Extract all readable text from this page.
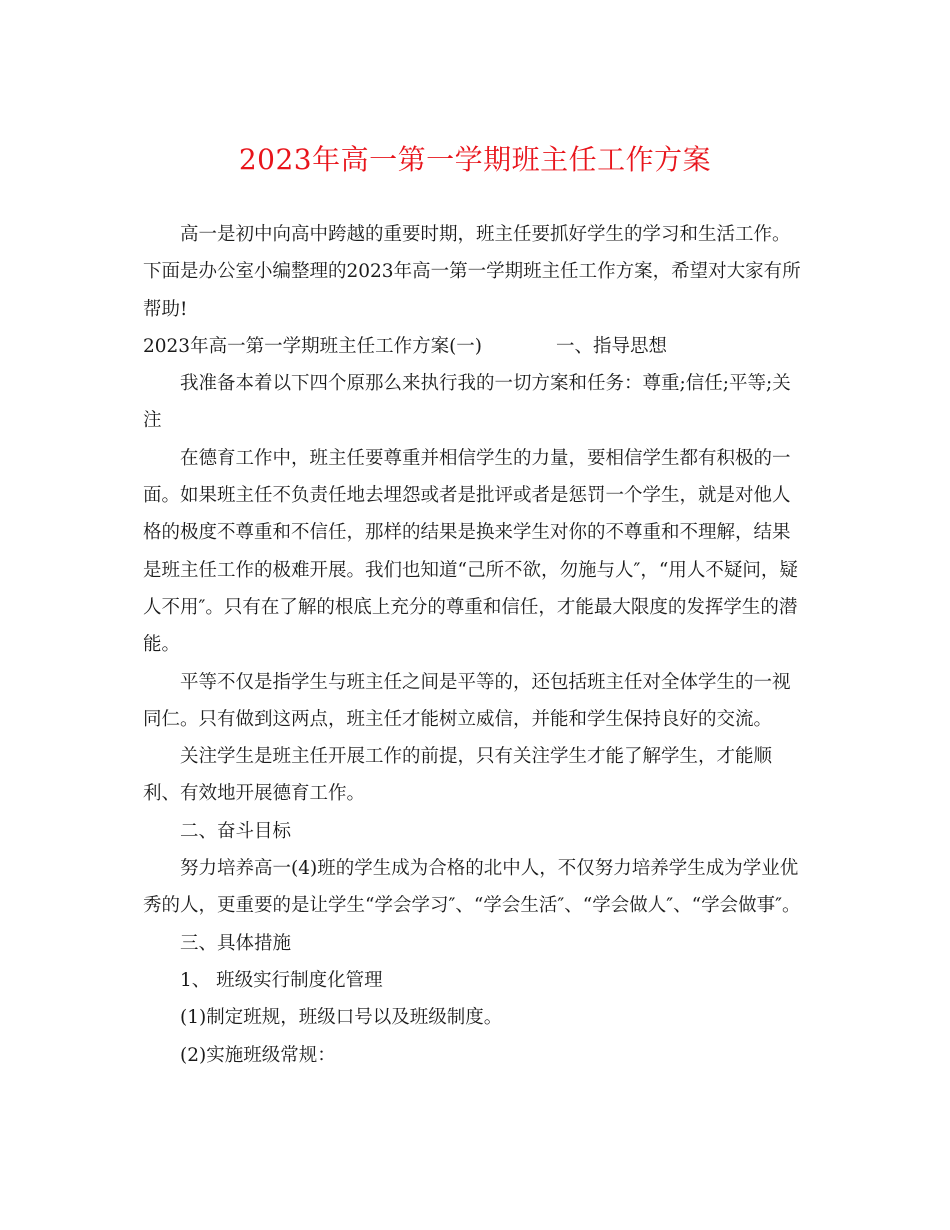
2023年高一第一学期班主任工作方案

高一是初中向高中跨越的重要时期，班主任要抓好学生的学习和生活工作。下面是办公室小编整理的2023年高一第一学期班主任工作方案，希望对大家有所帮助!

2023年高一第一学期班主任工作方案(一)	一、指导思想

我准备本着以下四个原那么来执行我的一切方案和任务：尊重;信任;平等;关注

在德育工作中，班主任要尊重并相信学生的力量，要相信学生都有积极的一面。如果班主任不负责任地去埋怨或者是批评或者是惩罚一个学生，就是对他人格的极度不尊重和不信任，那样的结果是换来学生对你的不尊重和不理解，结果是班主任工作的极难开展。我们也知道“己所不欲，勿施与人″，“用人不疑问，疑人不用″。只有在了解的根底上充分的尊重和信任，才能最大限度的发挥学生的潜能。

平等不仅是指学生与班主任之间是平等的，还包括班主任对全体学生的一视同仁。只有做到这两点，班主任才能树立威信，并能和学生保持良好的交流。

关注学生是班主任开展工作的前提，只有关注学生才能了解学生，才能顺利、有效地开展德育工作。

二、奋斗目标

努力培养高一(4)班的学生成为合格的北中人，不仅努力培养学生成为学业优秀的人，更重要的是让学生“学会学习″、“学会生活″、“学会做人″、“学会做事″。

三、具体措施

1、 班级实行制度化管理

(1)制定班规，班级口号以及班级制度。

(2)实施班级常规：
